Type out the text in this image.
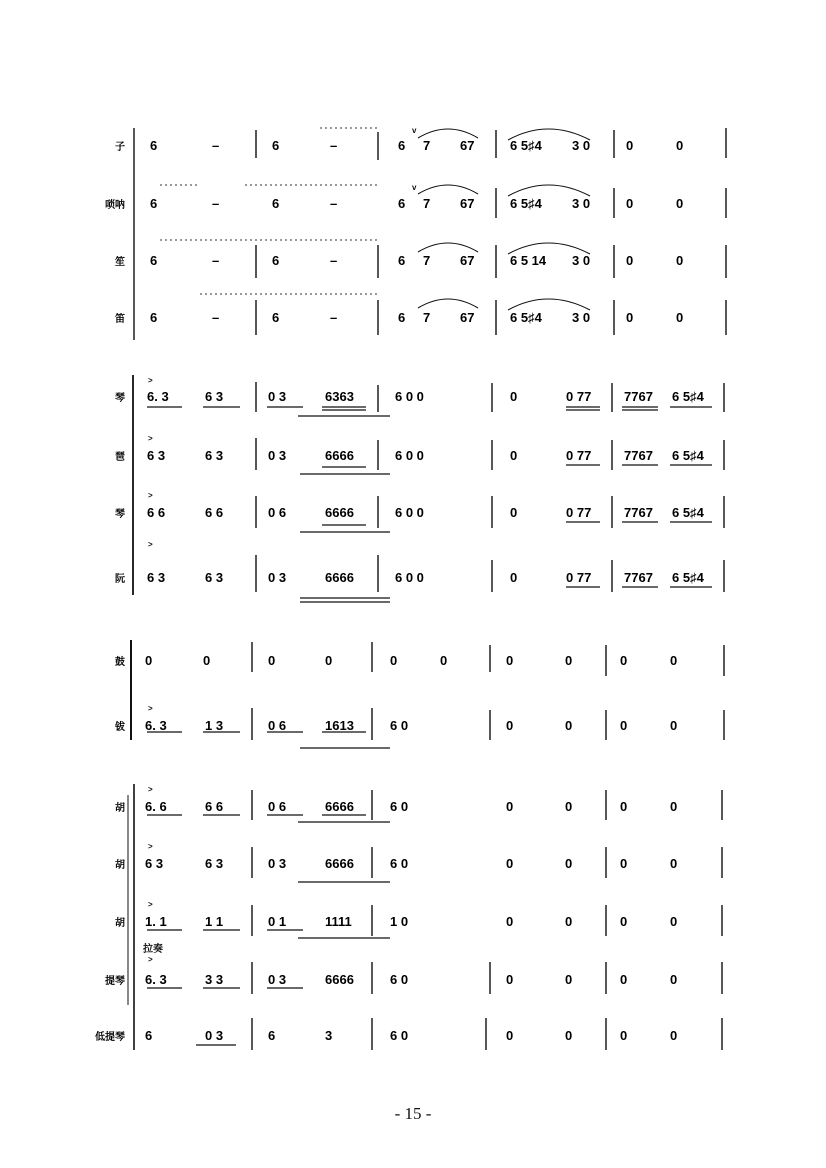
>
>
>
>
>
>
>
>
>
v
v
子 6	–	6	–	6 7 67	6 5♯4 3 0	0	0
唢呐 6	–	6	–	6 7 67	6 5♯4 3 0	0	0
笙 6	–	6	–	6 7 67	6 5 14 3 0	0	0
笛 6	–	6	–	6 7 67	6 5♯4 3 0	0	0
琴 6. 3	6 3	0 3	6363	6 0 0	0	0 77	7767 6 5♯4
琶 6 3	6 3	0 3	6666	6 0 0	0	0 77	7767 6 5♯4
琴 6 6	6 6	0 6	6666	6 0 0	0	0 77	7767 6 5♯4
阮 6 3	6 3	0 3	6666	6 0 0	0	0 77	7767 6 5♯4
鼓 0	0	0	0	0	0	0	0	0	0
钹 6. 3	1 3	0 6	1613	6 0	0	0	0	0
胡 6. 6	6 6	0 6	6666	6 0	0	0	0	0
胡 6 3	6 3	0 3	6666	6 0	0	0	0	0
胡 1. 1	1 1	0 1	1111	1 0	0	0	0	0
提琴 6. 3	3 3	0 3	6666	6 0	0	0	0	0
低提琴 6	0 3	6	3	6 0	0	0	0	0
拉奏
- 15 -
